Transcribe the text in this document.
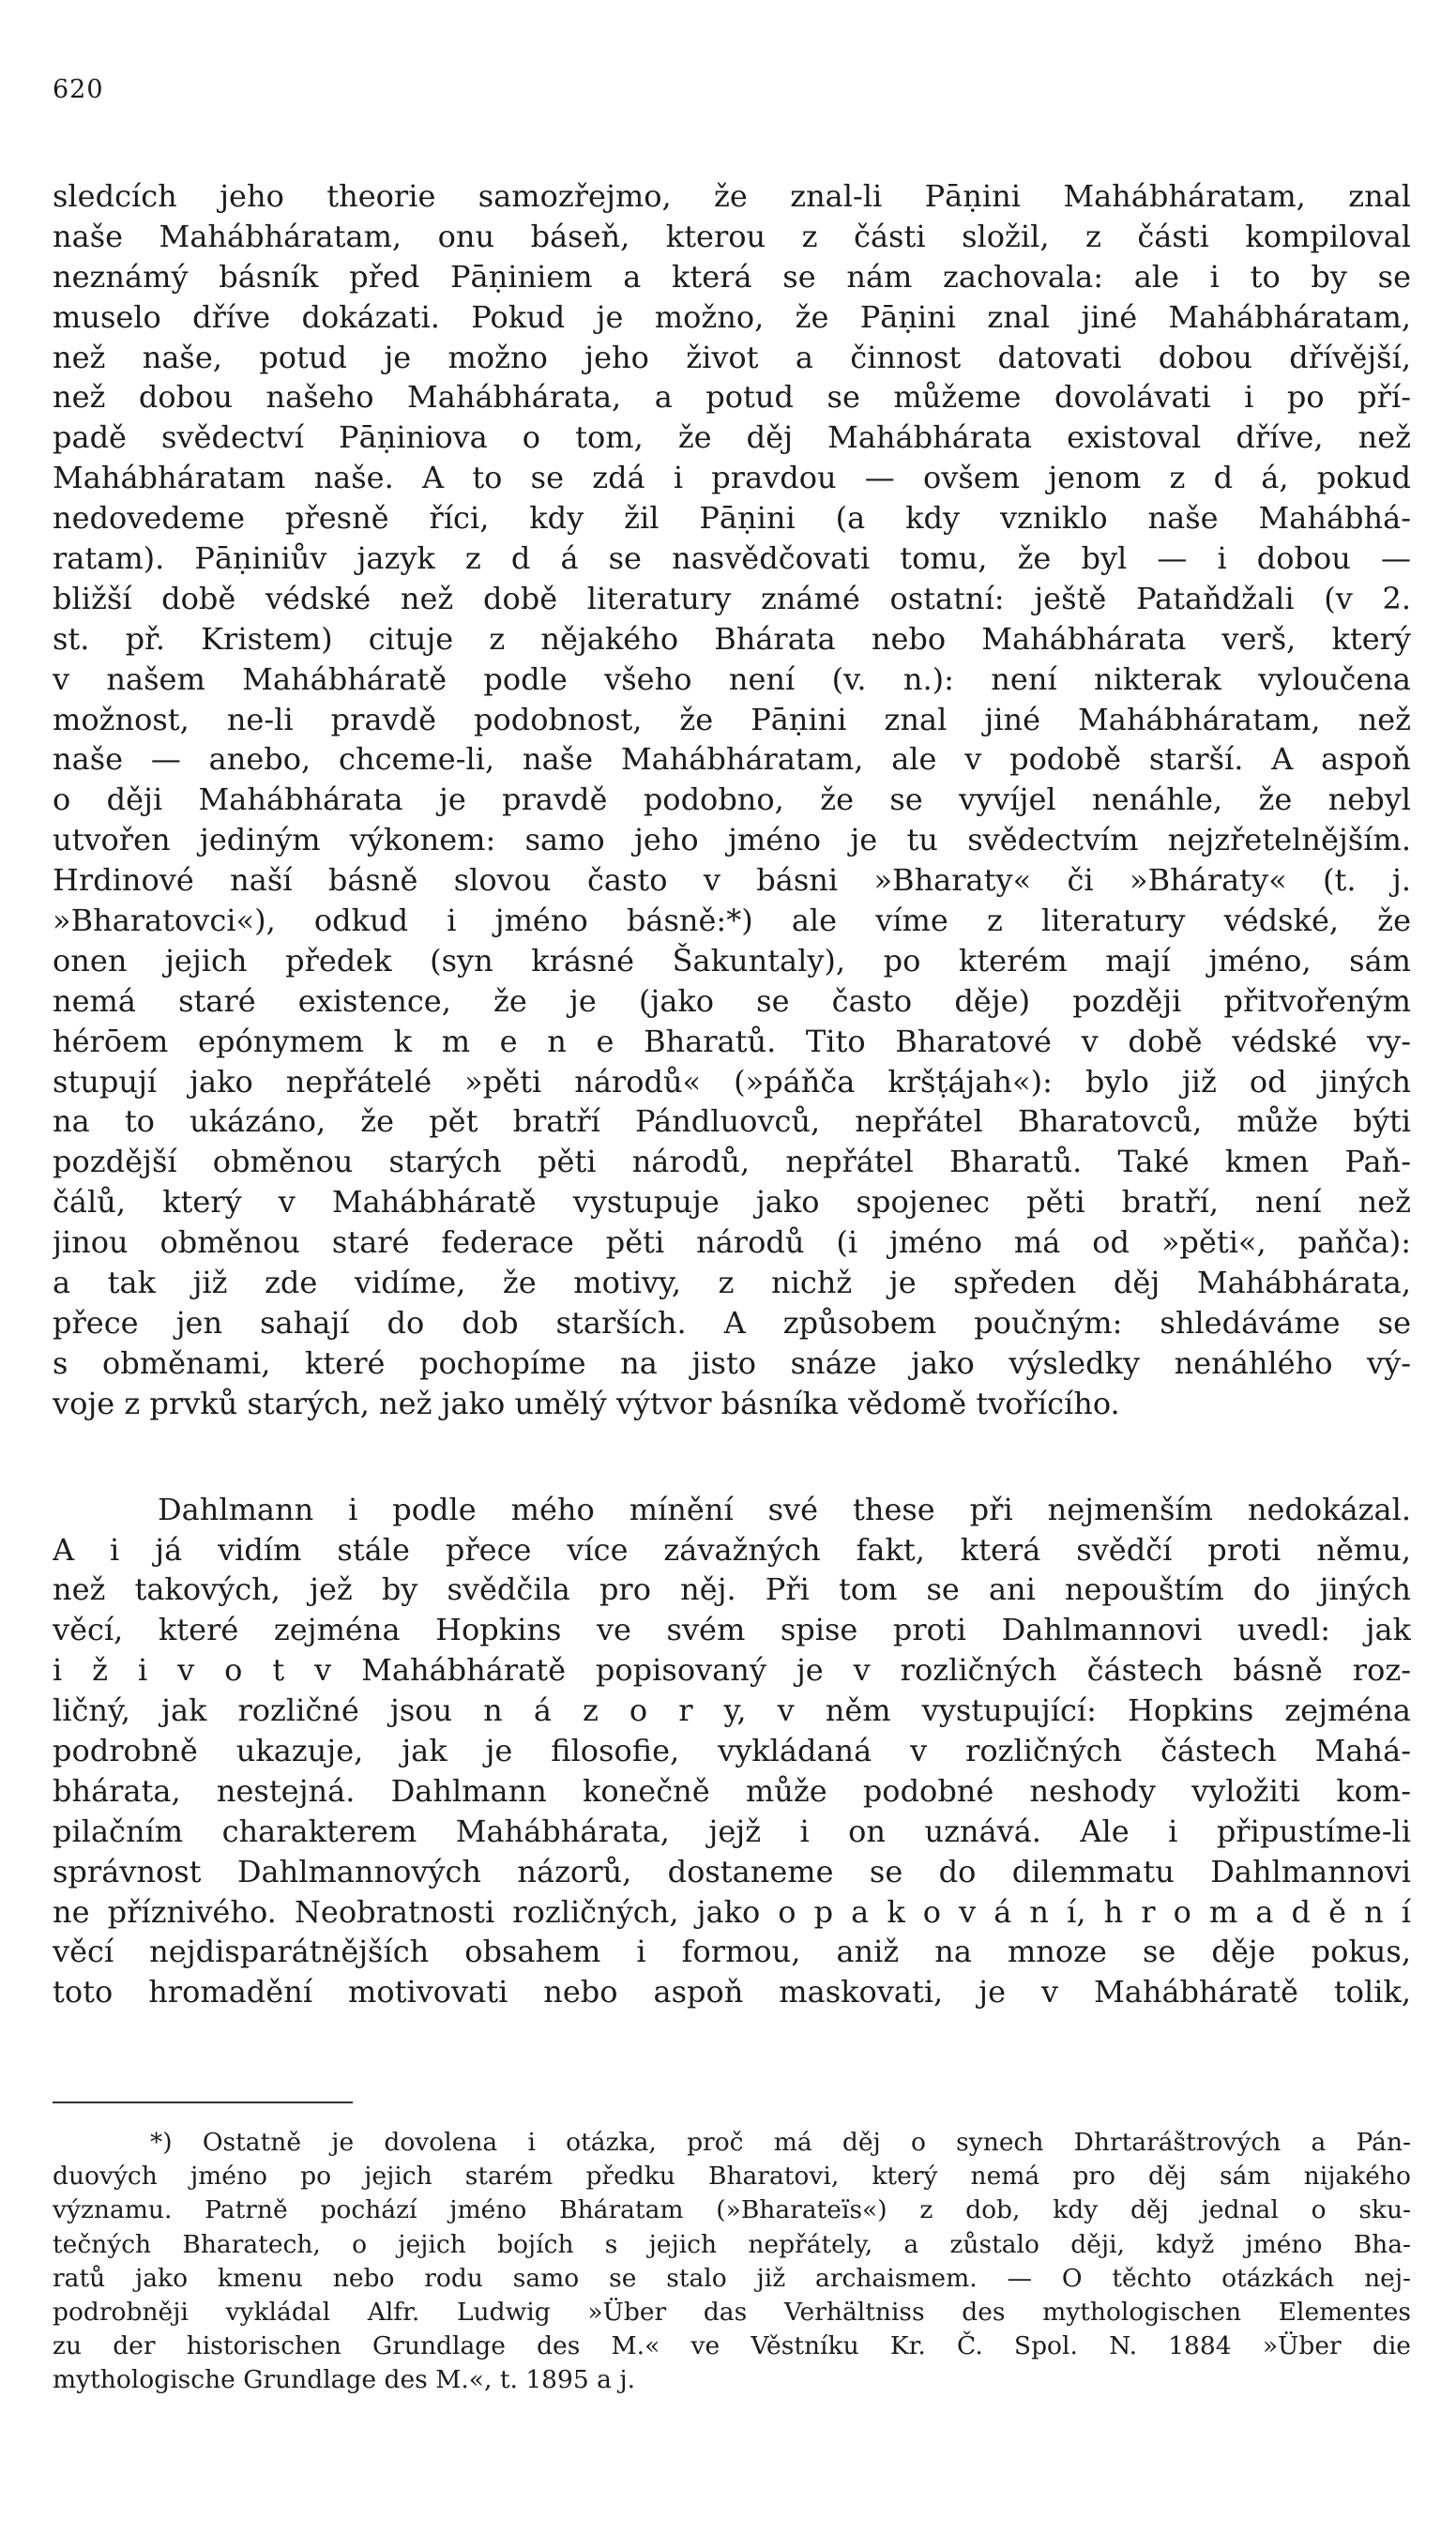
620
sledcích jeho theorie samozřejmo, že znal-li Pāṇini Mahábháratam, znal
naše Mahábháratam, onu báseň, kterou z části složil, z části kompiloval
neznámý básník před Pāṇiniem a která se nám zachovala: ale i to by se
muselo dříve dokázati. Pokud je možno, že Pāṇini znal jiné Mahábháratam,
než naše, potud je možno jeho život a činnost datovati dobou dřívější,
než dobou našeho Mahábhárata, a potud se můžeme dovolávati i po pří-
padě svědectví Pāṇiniova o tom, že děj Mahábhárata existoval dříve, než
Mahábháratam naše. A to se zdá i pravdou — ovšem jenom z d á, pokud
nedovedeme přesně říci, kdy žil Pāṇini (a kdy vzniklo naše Mahábhá-
ratam). Pāṇiniův jazyk z d á se nasvědčovati tomu, že byl — i dobou —
bližší době védské než době literatury známé ostatní: ještě Pataňdžali (v 2.
st. př. Kristem) cituje z nějakého Bhárata nebo Mahábhárata verš, který
v našem Mahábháratě podle všeho není (v. n.): není nikterak vyloučena
možnost, ne-li pravdě podobnost, že Pāṇini znal jiné Mahábháratam, než
naše — anebo, chceme-li, naše Mahábháratam, ale v podobě starší. A aspoň
o ději Mahábhárata je pravdě podobno, že se vyvíjel nenáhle, že nebyl
utvořen jediným výkonem: samo jeho jméno je tu svědectvím nejzřetelnějším.
Hrdinové naší básně slovou často v básni »Bharaty« či »Bháraty« (t. j.
»Bharatovci«), odkud i jméno básně:*) ale víme z literatury védské, že
onen jejich předek (syn krásné Šakuntaly), po kterém mají jméno, sám
nemá staré existence, že je (jako se často děje) později přitvořeným
hérōem epónymem k m e n e Bharatů. Tito Bharatové v době védské vy-
stupují jako nepřátelé »pěti národů« (»páňča kršṭájah«): bylo již od jiných
na to ukázáno, že pět bratří Pándluovců, nepřátel Bharatovců, může býti
pozdější obměnou starých pěti národů, nepřátel Bharatů. Také kmen Paň-
čálů, který v Mahábháratě vystupuje jako spojenec pěti bratří, není než
jinou obměnou staré federace pěti národů (i jméno má od »pěti«, paňča):
a tak již zde vidíme, že motivy, z nichž je spředen děj Mahábhárata,
přece jen sahají do dob starších. A způsobem poučným: shledáváme se
s obměnami, které pochopíme na jisto snáze jako výsledky nenáhlého vý-
voje z prvků starých, než jako umělý výtvor básníka vědomě tvořícího.
Dahlmann i podle mého mínění své these při nejmenším nedokázal.
A i já vidím stále přece více závažných fakt, která svědčí proti němu,
než takových, jež by svědčila pro něj. Při tom se ani nepouštím do jiných
věcí, které zejména Hopkins ve svém spise proti Dahlmannovi uvedl: jak
i ž i v o t v Mahábháratě popisovaný je v rozličných částech básně roz-
ličný, jak rozličné jsou n á z o r y, v něm vystupující: Hopkins zejména
podrobně ukazuje, jak je filosofie, vykládaná v rozličných částech Mahá-
bhárata, nestejná. Dahlmann konečně může podobné neshody vyložiti kom-
pilačním charakterem Mahábhárata, jejž i on uznává. Ale i připustíme-li
správnost Dahlmannových názorů, dostaneme se do dilemmatu Dahlmannovi
ne příznivého. Neobratnosti rozličných, jako o p a k o v á n í, h r o m a d ě n í
věcí nejdisparátnějších obsahem i formou, aniž na mnoze se děje pokus,
toto hromadění motivovati nebo aspoň maskovati, je v Mahábháratě tolik,
*) Ostatně je dovolena i otázka, proč má děj o synech Dhrtaráštrových a Pán-
duových jméno po jejich starém předku Bharatovi, který nemá pro děj sám nijakého
významu. Patrně pochází jméno Bháratam (»Bharateïs«) z dob, kdy děj jednal o sku-
tečných Bharatech, o jejich bojích s jejich nepřátely, a zůstalo ději, když jméno Bha-
ratů jako kmenu nebo rodu samo se stalo již archaismem. — O těchto otázkách nej-
podrobněji vykládal Alfr. Ludwig »Über das Verhältniss des mythologischen Elementes
zu der historischen Grundlage des M.« ve Věstníku Kr. Č. Spol. N. 1884 »Über die
mythologische Grundlage des M.«, t. 1895 a j.
